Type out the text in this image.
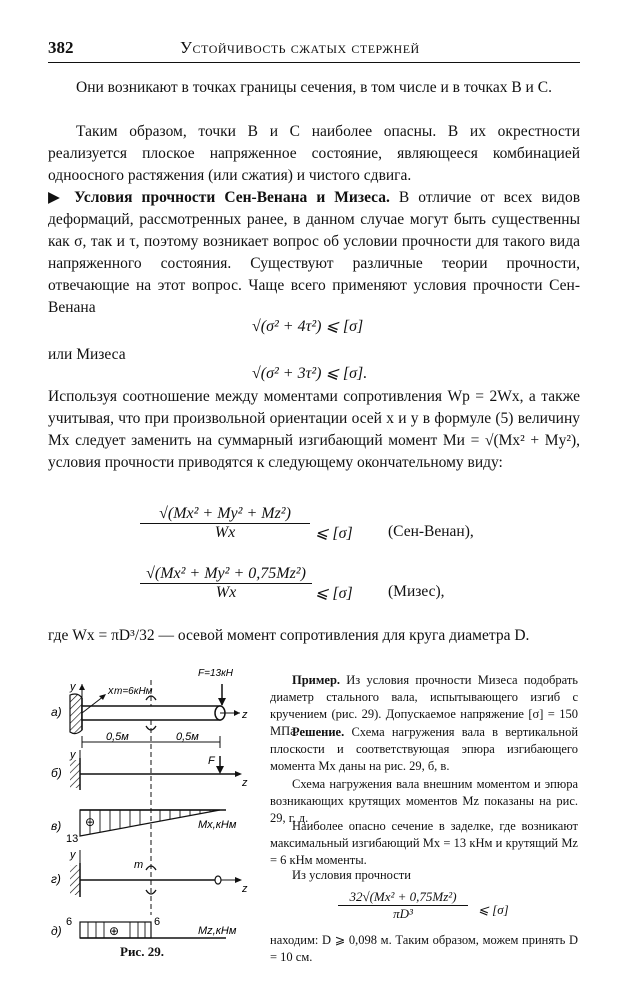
382	Устойчивость сжатых стержней
Они возникают в точках границы сечения, в том числе и в точках B и C.
Таким образом, точки B и C наиболее опасны. В их окрестности реализуется плоское напряженное состояние, являющееся комбинацией одноосного растяжения (или сжатия) и чистого сдвига.
▶ Условия прочности Сен-Венана и Мизеса. В отличие от всех видов деформаций, рассмотренных ранее, в данном случае могут быть существенны как σ, так и τ, поэтому возникает вопрос об условии прочности для такого вида напряженного состояния. Существуют различные теории прочности, отвечающие на этот вопрос. Чаще всего применяют условия прочности Сен-Венана
√(σ² + 4τ²) ⩽ [σ]
или Мизеса
√(σ² + 3τ²) ⩽ [σ].
Используя соотношение между моментами сопротивления Wp = 2Wx, а также учитывая, что при произвольной ориентации осей x и y в формуле (5) величину Mx следует заменить на суммарный изгибающий момент Mи = √(Mx² + My²), условия прочности приводятся к следующему окончательному виду:
$\frac{\text{√(Mx² + My² + Mz²)}}{Wx}$ ⩽ [σ] (Сен-Венан),
$\frac{\text{√(Mx² + My² + 0,75Mz²)}}{Wx}$ ⩽ [σ] (Мизес),
где Wx = πD³/32 — осевой момент сопротивления для круга диаметра D.
Пример. Из условия прочности Мизеса подобрать диаметр стального вала, испытывающего изгиб с кручением (рис. 29). Допускаемое напряжение [σ] = 150 МПа.
Решение. Схема нагружения вала в вертикальной плоскости и соответствующая эпюра изгибающего момента Mx даны на рис. 29, б, в.
Схема нагружения вала внешним моментом и эпюра возникающих крутящих моментов Mz показаны на рис. 29, г, д.
Наиболее опасно сечение в заделке, где возникают максимальный изгибающий Mx = 13 кНм и крутящий Mz = 6 кНм моменты.
Из условия прочности
$\frac{\text{32√(Mx² + 0,75Mz²)}}{\text{πD³}}$ ⩽ [σ]
находим: D ⩾ 0,098 м. Таким образом, можем принять D = 10 см.
a)	z
y	x m=6кНм
F=13кН
0,5м	0,5м
б)
z
y	F
в)
13
⊖	Mx,кНм
г)
z
y
m
д)
6	6
⊕	Mz,кНм
Рис. 29.
